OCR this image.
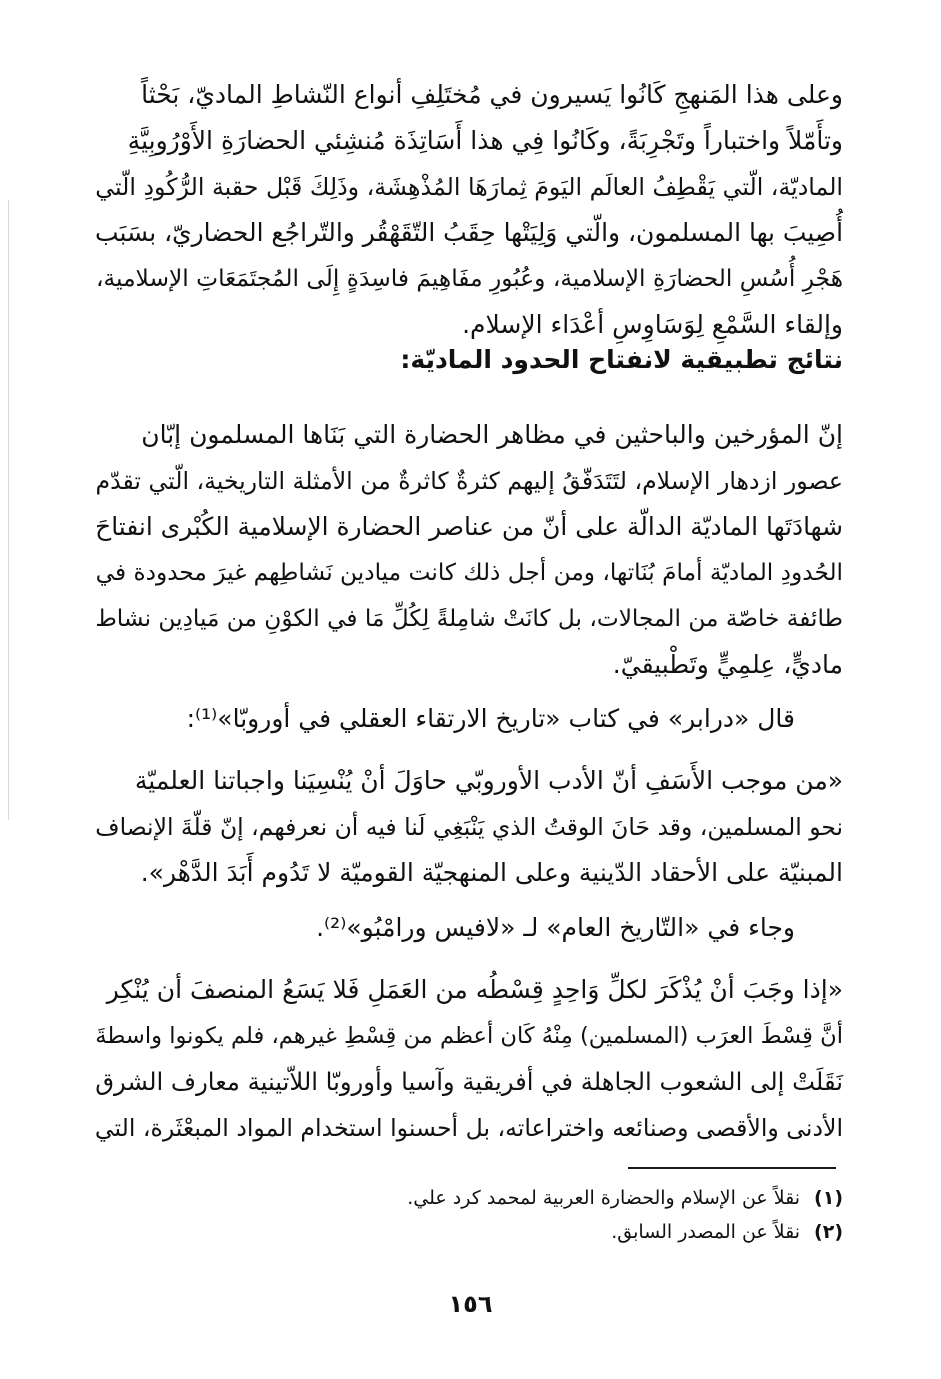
وعلى هذا المَنهجِ كَانُوا يَسيرون في مُختَلِفِ أنواع النّشاطِ الماديّ، بَحْثاً
وتأَمّلاً واختباراً وتَجْرِبَةً، وكَانُوا فِي هذا أَسَاتِذَة مُنشِئي الحضارَةِ الأَوْرُوبِيَّةِ
الماديّة، الّتي يَقْطِفُ العالَم اليَومَ ثِمارَهَا المُذْهِشَة، وذَلِكَ قَبْل حقبة الرُّكُودِ الّتي
أُصِيبَ بها المسلمون، والّتي وَلِيَتْها حِقَبُ التّقَهْقُر والتّراجُع الحضاريّ، بسَبَب
هَجْرِ أُسُسِ الحضارَةِ الإسلامية، وعُبُورِ مفَاهِيمَ فاسِدَةٍ إِلَى المُجتَمَعَاتِ الإسلامية،
وإلقاء السَّمْعِ لِوَسَاوِسِ أعْدَاء الإسلام.
نتائج تطبيقية لانفتاح الحدود الماديّة:
إنّ المؤرخين والباحثين في مظاهر الحضارة التي بَنَاها المسلمون إبّان
عصور ازدهار الإسلام، لتَتَدَفّقُ إليهم كثرةٌ كاثرةٌ من الأمثلة التاريخية، الّتي تقدّم
شهادَتَها الماديّة الدالّة على أنّ من عناصر الحضارة الإسلامية الكُبْرى انفتاحَ
الحُدودِ الماديّة أمامَ بُنَاتها، ومن أجل ذلك كانت ميادين نَشاطِهم غيرَ محدودة في
طائفة خاصّة من المجالات، بل كانَتْ شامِلةً لِكُلِّ مَا في الكوْنِ من مَيادِين نشاط
ماديٍّ، عِلمِيٍّ وتَطْبيقيّ.
قال «درابر» في كتاب «تاريخ الارتقاء العقلي في أوروبّا»⁽¹⁾:
«من موجب الأَسَفِ أنّ الأدب الأوروبّي حاوَلَ أنْ يُنْسِيَنا واجباتنا العلميّة
نحو المسلمين، وقد حَانَ الوقتُ الذي يَنْبَغِي لَنا فيه أن نعرفهم، إنّ قلّةَ الإنصاف
المبنيّة على الأحقاد الدّينية وعلى المنهجيّة القوميّة لا تَدُوم أَبَدَ الدَّهْر».
وجاء في «التّاريخ العام» لـ «لافيس ورامْبُو»⁽²⁾.
«إذا وجَبَ أنْ يُذْكَرَ لكلِّ وَاحِدٍ قِسْطُه من العَمَلِ فَلا يَسَعُ المنصفَ أن يُنْكِر
أنَّ قِسْطَ العرَب (المسلمين) مِنْهُ كَان أعظم من قِسْطِ غيرهم، فلم يكونوا واسطةَ
نَقَلَتْ إلى الشعوب الجاهلة في أفريقية وآسيا وأوروبّا اللاّتينية معارف الشرق
الأدنى والأقصى وصنائعه واختراعاته، بل أحسنوا استخدام المواد المبعْثَرة، التي
(١)نقلاً عن الإسلام والحضارة العربية لمحمد كرد علي.
(٢)نقلاً عن المصدر السابق.
١٥٦
